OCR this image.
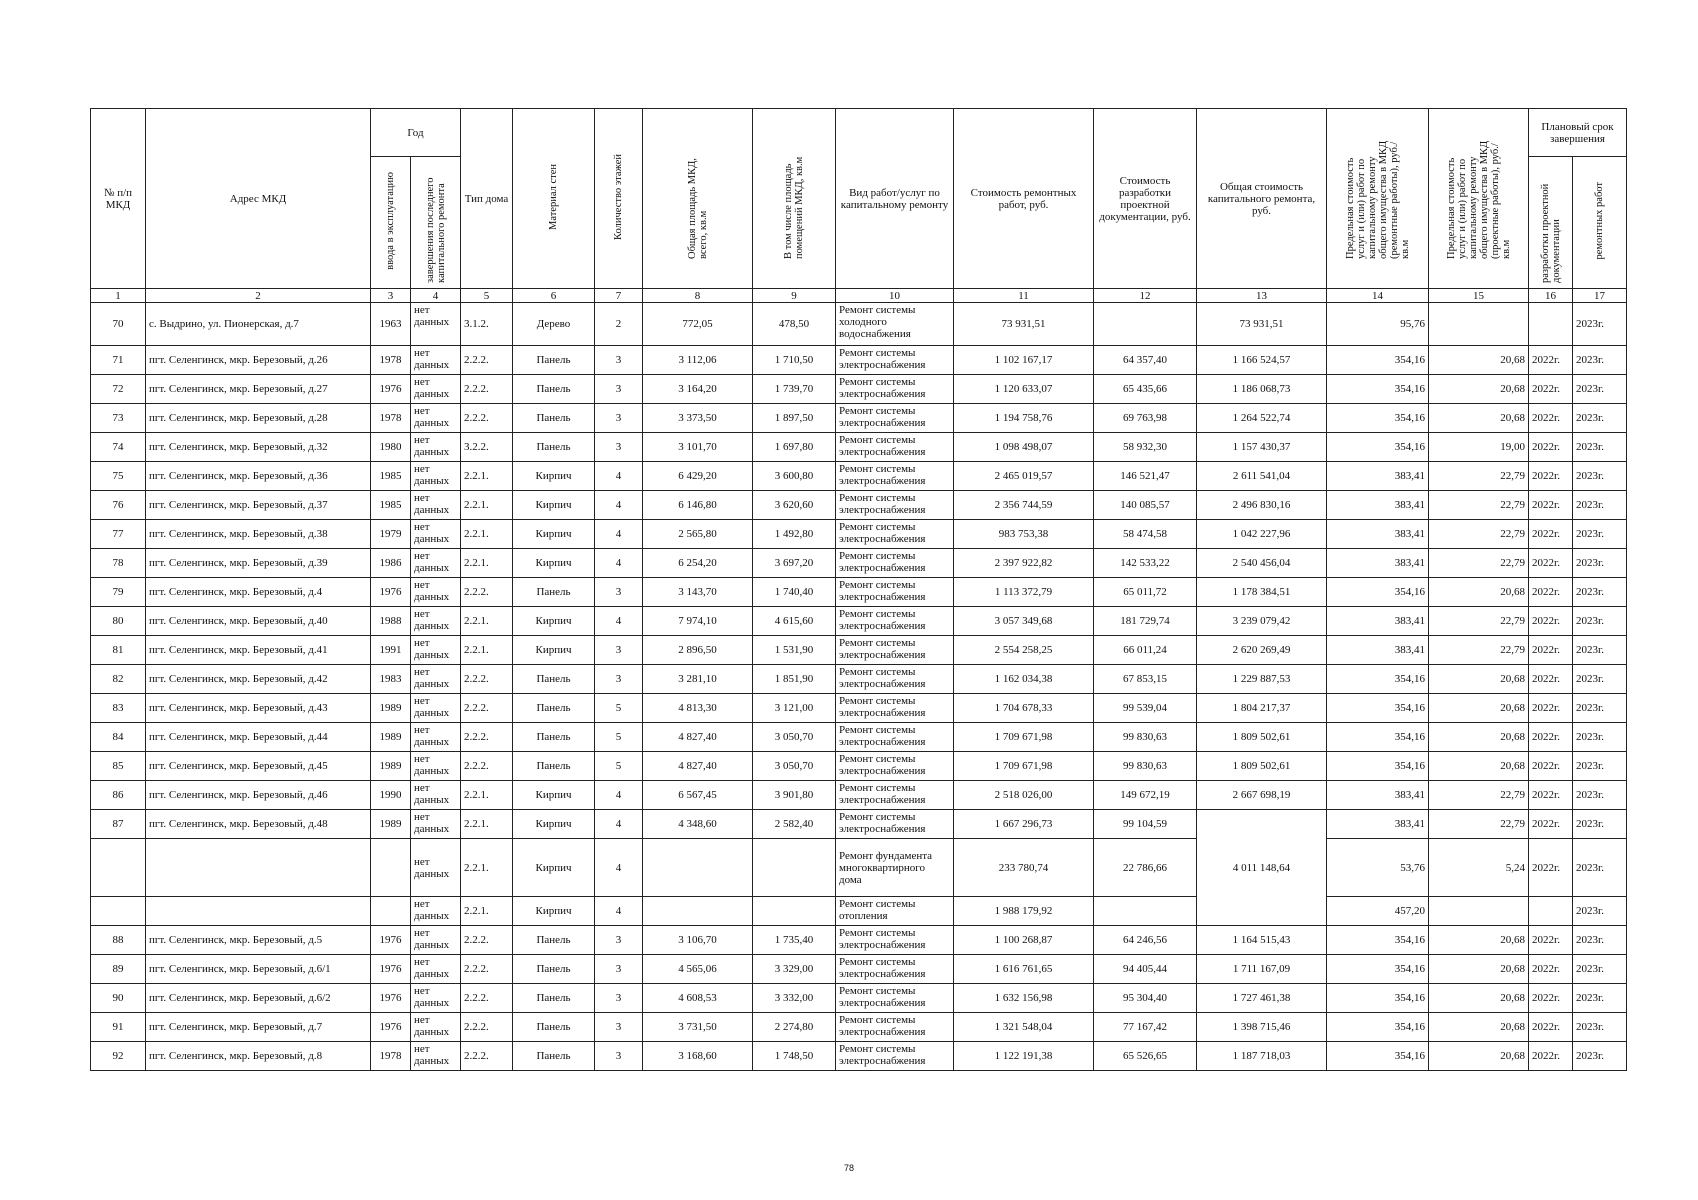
№ п/п МКД	Адрес МКД	Год		Тип дома	Материал стен	Количество этажей	Общая площадь МКД, всего, кв.м	В том числе площадь помещений МКД, кв.м	Вид работ/услуг по капитальному ремонту	Стоимость ремонтных работ, руб.	Стоимость разработки проектной документации, руб.	Общая стоимость капитального ремонта, руб.	Предельная стоимость услуг и (или) работ по капитальному ремонту общего имущества в МКД (ремонтные работы), руб./кв.м	Предельная стоимость услуг и (или) работ по капитальному ремонту общего имущества в МКД (проектные работы), руб./кв.м	Плановый срок завершения	
		ввода в эксплуатацию	завершения последнего капитального ремонта												разработки проектной документации	ремонтных работ
1	2	3	4	5	6	7	8	9	10	11	12	13	14	15	16	17
70	с. Выдрино, ул. Пионерская, д.7	1963	нет данных	3.1.2.	Дерево	2	772,05	478,50	Ремонт системы холодного водоснабжения	73 931,51		73 931,51	95,76			2023г.
71	пгт. Селенгинск, мкр. Березовый, д.26	1978	нет данных	2.2.2.	Панель	3	3 112,06	1 710,50	Ремонт системы электроснабжения	1 102 167,17	64 357,40	1 166 524,57	354,16	20,68	2022г.	2023г.
72	пгт. Селенгинск, мкр. Березовый, д.27	1976	нет данных	2.2.2.	Панель	3	3 164,20	1 739,70	Ремонт системы электроснабжения	1 120 633,07	65 435,66	1 186 068,73	354,16	20,68	2022г.	2023г.
73	пгт. Селенгинск, мкр. Березовый, д.28	1978	нет данных	2.2.2.	Панель	3	3 373,50	1 897,50	Ремонт системы электроснабжения	1 194 758,76	69 763,98	1 264 522,74	354,16	20,68	2022г.	2023г.
74	пгт. Селенгинск, мкр. Березовый, д.32	1980	нет данных	3.2.2.	Панель	3	3 101,70	1 697,80	Ремонт системы электроснабжения	1 098 498,07	58 932,30	1 157 430,37	354,16	19,00	2022г.	2023г.
75	пгт. Селенгинск, мкр. Березовый, д.36	1985	нет данных	2.2.1.	Кирпич	4	6 429,20	3 600,80	Ремонт системы электроснабжения	2 465 019,57	146 521,47	2 611 541,04	383,41	22,79	2022г.	2023г.
76	пгт. Селенгинск, мкр. Березовый, д.37	1985	нет данных	2.2.1.	Кирпич	4	6 146,80	3 620,60	Ремонт системы электроснабжения	2 356 744,59	140 085,57	2 496 830,16	383,41	22,79	2022г.	2023г.
77	пгт. Селенгинск, мкр. Березовый, д.38	1979	нет данных	2.2.1.	Кирпич	4	2 565,80	1 492,80	Ремонт системы электроснабжения	983 753,38	58 474,58	1 042 227,96	383,41	22,79	2022г.	2023г.
78	пгт. Селенгинск, мкр. Березовый, д.39	1986	нет данных	2.2.1.	Кирпич	4	6 254,20	3 697,20	Ремонт системы электроснабжения	2 397 922,82	142 533,22	2 540 456,04	383,41	22,79	2022г.	2023г.
79	пгт. Селенгинск, мкр. Березовый, д.4	1976	нет данных	2.2.2.	Панель	3	3 143,70	1 740,40	Ремонт системы электроснабжения	1 113 372,79	65 011,72	1 178 384,51	354,16	20,68	2022г.	2023г.
80	пгт. Селенгинск, мкр. Березовый, д.40	1988	нет данных	2.2.1.	Кирпич	4	7 974,10	4 615,60	Ремонт системы электроснабжения	3 057 349,68	181 729,74	3 239 079,42	383,41	22,79	2022г.	2023г.
81	пгт. Селенгинск, мкр. Березовый, д.41	1991	нет данных	2.2.1.	Кирпич	3	2 896,50	1 531,90	Ремонт системы электроснабжения	2 554 258,25	66 011,24	2 620 269,49	383,41	22,79	2022г.	2023г.
82	пгт. Селенгинск, мкр. Березовый, д.42	1983	нет данных	2.2.2.	Панель	3	3 281,10	1 851,90	Ремонт системы электроснабжения	1 162 034,38	67 853,15	1 229 887,53	354,16	20,68	2022г.	2023г.
83	пгт. Селенгинск, мкр. Березовый, д.43	1989	нет данных	2.2.2.	Панель	5	4 813,30	3 121,00	Ремонт системы электроснабжения	1 704 678,33	99 539,04	1 804 217,37	354,16	20,68	2022г.	2023г.
84	пгт. Селенгинск, мкр. Березовый, д.44	1989	нет данных	2.2.2.	Панель	5	4 827,40	3 050,70	Ремонт системы электроснабжения	1 709 671,98	99 830,63	1 809 502,61	354,16	20,68	2022г.	2023г.
85	пгт. Селенгинск, мкр. Березовый, д.45	1989	нет данных	2.2.2.	Панель	5	4 827,40	3 050,70	Ремонт системы электроснабжения	1 709 671,98	99 830,63	1 809 502,61	354,16	20,68	2022г.	2023г.
86	пгт. Селенгинск, мкр. Березовый, д.46	1990	нет данных	2.2.1.	Кирпич	4	6 567,45	3 901,80	Ремонт системы электроснабжения	2 518 026,00	149 672,19	2 667 698,19	383,41	22,79	2022г.	2023г.
87	пгт. Селенгинск, мкр. Березовый, д.48	1989	нет данных	2.2.1.	Кирпич	4	4 348,60	2 582,40	Ремонт системы электроснабжения	1 667 296,73	99 104,59	4 011 148,64	383,41	22,79	2022г.	2023г.
			нет данных	2.2.1.	Кирпич	4			Ремонт фундамента многоквартирного дома	233 780,74	22 786,66		53,76	5,24	2022г.	2023г.
			нет данных	2.2.1.	Кирпич	4			Ремонт системы отопления	1 988 179,92			457,20			2023г.
88	пгт. Селенгинск, мкр. Березовый, д.5	1976	нет данных	2.2.2.	Панель	3	3 106,70	1 735,40	Ремонт системы электроснабжения	1 100 268,87	64 246,56	1 164 515,43	354,16	20,68	2022г.	2023г.
89	пгт. Селенгинск, мкр. Березовый, д.6/1	1976	нет данных	2.2.2.	Панель	3	4 565,06	3 329,00	Ремонт системы электроснабжения	1 616 761,65	94 405,44	1 711 167,09	354,16	20,68	2022г.	2023г.
90	пгт. Селенгинск, мкр. Березовый, д.6/2	1976	нет данных	2.2.2.	Панель	3	4 608,53	3 332,00	Ремонт системы электроснабжения	1 632 156,98	95 304,40	1 727 461,38	354,16	20,68	2022г.	2023г.
91	пгт. Селенгинск, мкр. Березовый, д.7	1976	нет данных	2.2.2.	Панель	3	3 731,50	2 274,80	Ремонт системы электроснабжения	1 321 548,04	77 167,42	1 398 715,46	354,16	20,68	2022г.	2023г.
92	пгт. Селенгинск, мкр. Березовый, д.8	1978	нет данных	2.2.2.	Панель	3	3 168,60	1 748,50	Ремонт системы электроснабжения	1 122 191,38	65 526,65	1 187 718,03	354,16	20,68	2022г.	2023г.
78
